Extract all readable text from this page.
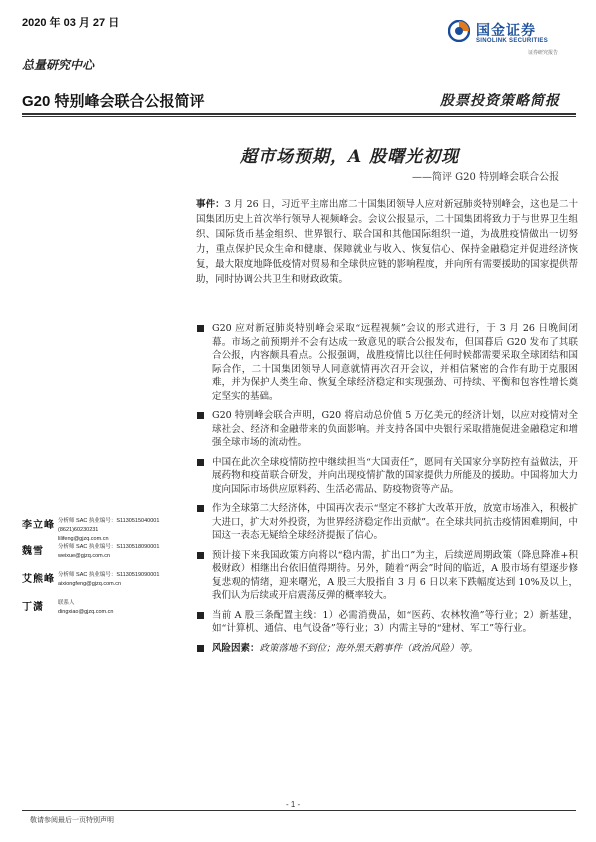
2020 年 03 月 27 日
总量研究中心
国金证券
SINOLINK SECURITIES
证券研究报告
G20 特别峰会联合公报简评	股票投资策略简报
超市场预期，A 股曙光初现
——简评 G20 特别峰会联合公报
事件：3 月 26 日，习近平主席出席二十国集团领导人应对新冠肺炎特别峰会，这也是二十国集团历史上首次举行领导人视频峰会。会议公报显示，二十国集团将致力于与世界卫生组织、国际货币基金组织、世界银行、联合国和其他国际组织一道，为战胜疫情做出一切努力，重点保护民众生命和健康、保障就业与收入、恢复信心、保持金融稳定并促进经济恢复，最大限度地降低疫情对贸易和全球供应链的影响程度，并向所有需要援助的国家提供帮助，同时协调公共卫生和财政政策。
G20 应对新冠肺炎特别峰会采取“远程视频”会议的形式进行，于 3 月 26 日晚间闭幕。市场之前预期并不会有达成一致意见的联合公报发布，但国暮后 G20 发布了其联合公报，内容颇具看点。公报强调，战胜疫情比以往任何时候都需要采取全球团结和国际合作，二十国集团领导人同意就情再次召开会议，并相信紧密的合作有助于克服困难，并为保护人类生命、恢复全球经济稳定和实现强劲、可持续、平衡和包容性增长奠定坚实的基础。
G20 特别峰会联合声明，G20 将启动总价值 5 万亿美元的经济计划，以应对疫情对全球社会、经济和金融带来的负面影响。并支持各国中央银行采取措施促进金融稳定和增强全球市场的流动性。
中国在此次全球疫情防控中继续担当“大国责任”，愿同有关国家分享防控有益做法，开展药物和疫苗联合研发，并向出现疫情扩散的国家提供力所能及的援助。中国将加大力度向国际市场供应原料药、生活必需品、防疫物资等产品。
作为全球第二大经济体，中国再次表示“坚定不移扩大改革开放，放宽市场准入，积极扩大进口，扩大对外投资，为世界经济稳定作出贡献”。在全球共同抗击疫情困难期间，中国这一表态无疑给全球经济提振了信心。
预计接下来我国政策方向将以“稳内需，扩出口”为主，后续逆周期政策（降息降准+积极财政）相继出台依旧值得期待。另外，随着“两会”时间的临近，A 股市场有望逐步修复悲观的情绪，迎来曙光，A 股三大股指自 3 月 6 日以来下跌幅度达到 10%及以上，我们认为后续或开启震荡反弹的概率较大。
当前 A 股三条配置主线：1）必需消费品，如“医药、农林牧渔”等行业；2）新基建，如“计算机、通信、电气设备”等行业；3）内需主导的“建材、军工”等行业。
风险因素：政策落地不到位；海外黑天鹅事件（政治风险）等。
李立峰 分析师 SAC 执业编号：S1130515040001
(8621)60230231
lilifeng@gjzq.com.cn
魏雪	分析师 SAC 执业编号：S1130518090001
weixue@gjzq.com.cn
艾熊峰 分析师 SAC 执业编号：S1130519090001
aixiongfeng@gjzq.com.cn
丁潇	联系人
dingxiao@gjzq.com.cn
- 1 -
敬请参阅最后一页特别声明
